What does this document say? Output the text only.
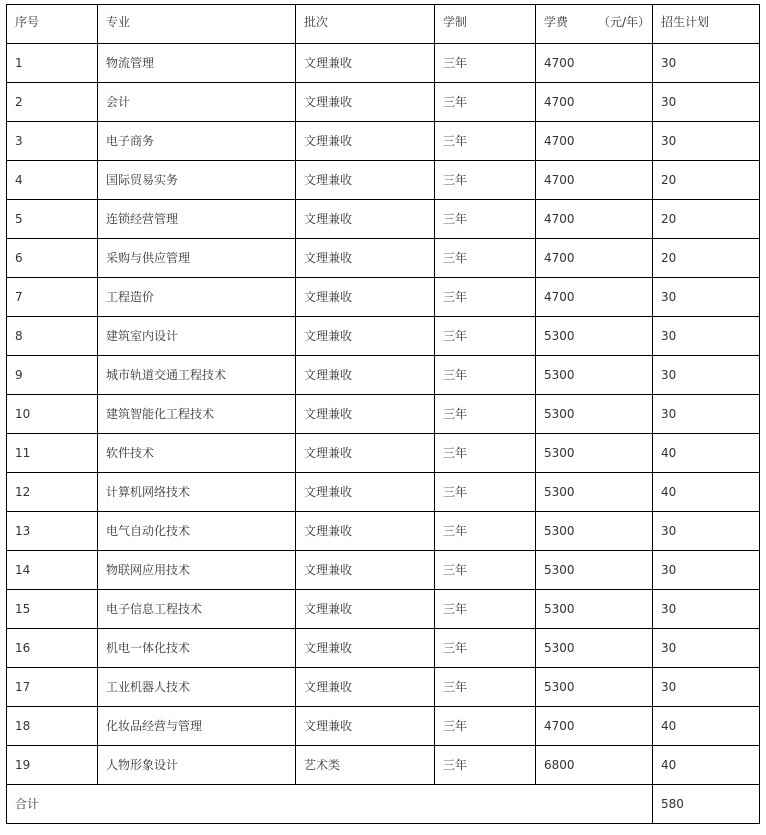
序号	专业	批次	学制	学费 （元/年）	招生计划
1	物流管理	文理兼收	三年	4700	30
2	会计	文理兼收	三年	4700	30
3	电子商务	文理兼收	三年	4700	30
4	国际贸易实务	文理兼收	三年	4700	20
5	连锁经营管理	文理兼收	三年	4700	20
6	采购与供应管理	文理兼收	三年	4700	20
7	工程造价	文理兼收	三年	4700	30
8	建筑室内设计	文理兼收	三年	5300	30
9	城市轨道交通工程技术	文理兼收	三年	5300	30
10	建筑智能化工程技术	文理兼收	三年	5300	30
11	软件技术	文理兼收	三年	5300	40
12	计算机网络技术	文理兼收	三年	5300	40
13	电气自动化技术	文理兼收	三年	5300	30
14	物联网应用技术	文理兼收	三年	5300	30
15	电子信息工程技术	文理兼收	三年	5300	30
16	机电一体化技术	文理兼收	三年	5300	30
17	工业机器人技术	文理兼收	三年	5300	30
18	化妆品经营与管理	文理兼收	三年	4700	40
19	人物形象设计	艺术类	三年	6800	40
合计					580
